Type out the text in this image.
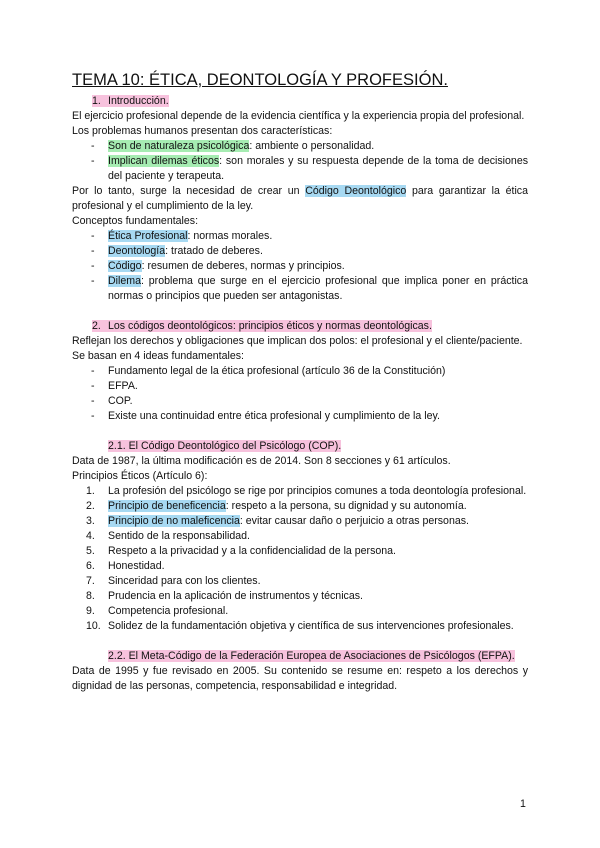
TEMA 10: ÉTICA, DEONTOLOGÍA Y PROFESIÓN.
1. Introducción.

El ejercicio profesional depende de la evidencia científica y la experiencia propia del profesional.

Los problemas humanos presentan dos características:

- Son de naturaleza psicológica: ambiente o personalidad.
- Implican dilemas éticos: son morales y su respuesta depende de la toma de decisiones del paciente y terapeuta.

Por lo tanto, surge la necesidad de crear un Código Deontológico para garantizar la ética profesional y el cumplimiento de la ley.

Conceptos fundamentales:

- Ética Profesional: normas morales.
- Deontología: tratado de deberes.
- Código: resumen de deberes, normas y principios.
- Dilema: problema que surge en el ejercicio profesional que implica poner en práctica normas o principios que pueden ser antagonistas.
2. Los códigos deontológicos: principios éticos y normas deontológicas.

Reflejan los derechos y obligaciones que implican dos polos: el profesional y el cliente/paciente.

Se basan en 4 ideas fundamentales:

- Fundamento legal de la ética profesional (artículo 36 de la Constitución)
- EFPA.
- COP.
- Existe una continuidad entre ética profesional y cumplimiento de la ley.
2.1. El Código Deontológico del Psicólogo (COP).

Data de 1987, la última modificación es de 2014. Son 8 secciones y 61 artículos.

Principios Éticos (Artículo 6):

1.	La profesión del psicólogo se rige por principios comunes a toda deontología profesional.
2.	Principio de beneficencia: respeto a la persona, su dignidad y su autonomía.
3.	Principio de no maleficencia: evitar causar daño o perjuicio a otras personas.
4.	Sentido de la responsabilidad.
5.	Respeto a la privacidad y a la confidencialidad de la persona.
6.	Honestidad.
7.	Sinceridad para con los clientes.
8.	Prudencia en la aplicación de instrumentos y técnicas.
9.	Competencia profesional.
10. Solidez de la fundamentación objetiva y científica de sus intervenciones profesionales.
2.2. El Meta-Código de la Federación Europea de Asociaciones de Psicólogos (EFPA).

Data de 1995 y fue revisado en 2005. Su contenido se resume en: respeto a los derechos y dignidad de las personas, competencia, responsabilidad e integridad.

1
